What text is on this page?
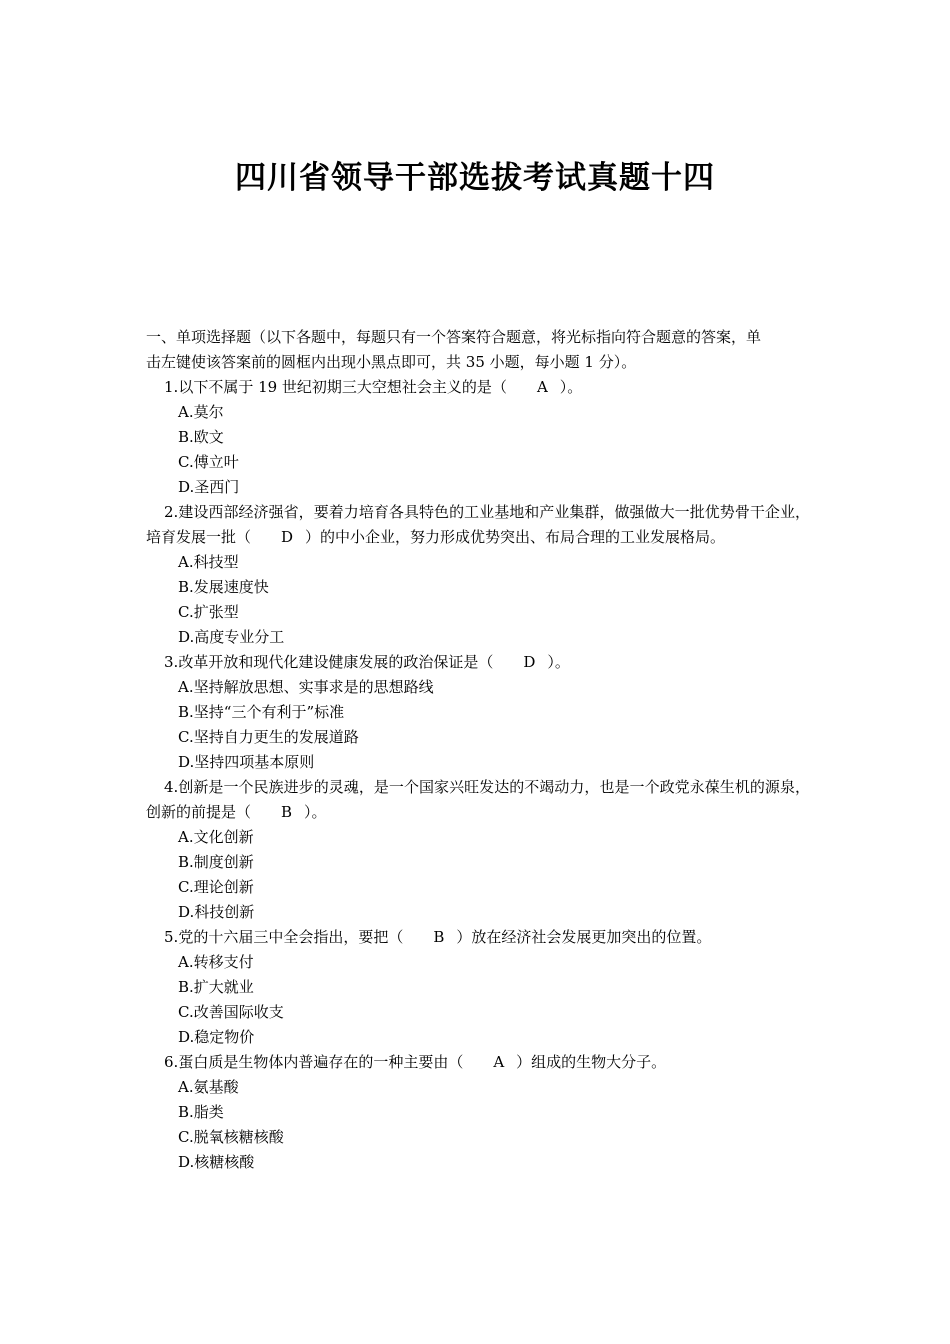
四川省领导干部选拔考试真题十四

一、单项选择题（以下各题中，每题只有一个答案符合题意，将光标指向符合题意的答案，单
击左键使该答案前的圆框内出现小黑点即可，共 35 小题，每小题 1 分）。

1.以下不属于 19 世纪初期三大空想社会主义的是（ A ）。

A.莫尔

B.欧文

C.傅立叶

D.圣西门

2.建设西部经济强省，要着力培育各具特色的工业基地和产业集群，做强做大一批优势骨干企业，培育发展一批（ D ）的中小企业，努力形成优势突出、布局合理的工业发展格局。

A.科技型

B.发展速度快

C.扩张型

D.高度专业分工

3.改革开放和现代化建设健康发展的政治保证是（ D ）。

A.坚持解放思想、实事求是的思想路线

B.坚持“三个有利于”标准

C.坚持自力更生的发展道路

D.坚持四项基本原则

4.创新是一个民族进步的灵魂，是一个国家兴旺发达的不竭动力，也是一个政党永葆生机的源泉，创新的前提是（ B ）。

A.文化创新

B.制度创新

C.理论创新

D.科技创新

5.党的十六届三中全会指出，要把（ B ）放在经济社会发展更加突出的位置。

A.转移支付

B.扩大就业

C.改善国际收支

D.稳定物价

6.蛋白质是生物体内普遍存在的一种主要由（ A ）组成的生物大分子。

A.氨基酸

B.脂类

C.脱氧核糖核酸

D.核糖核酸
